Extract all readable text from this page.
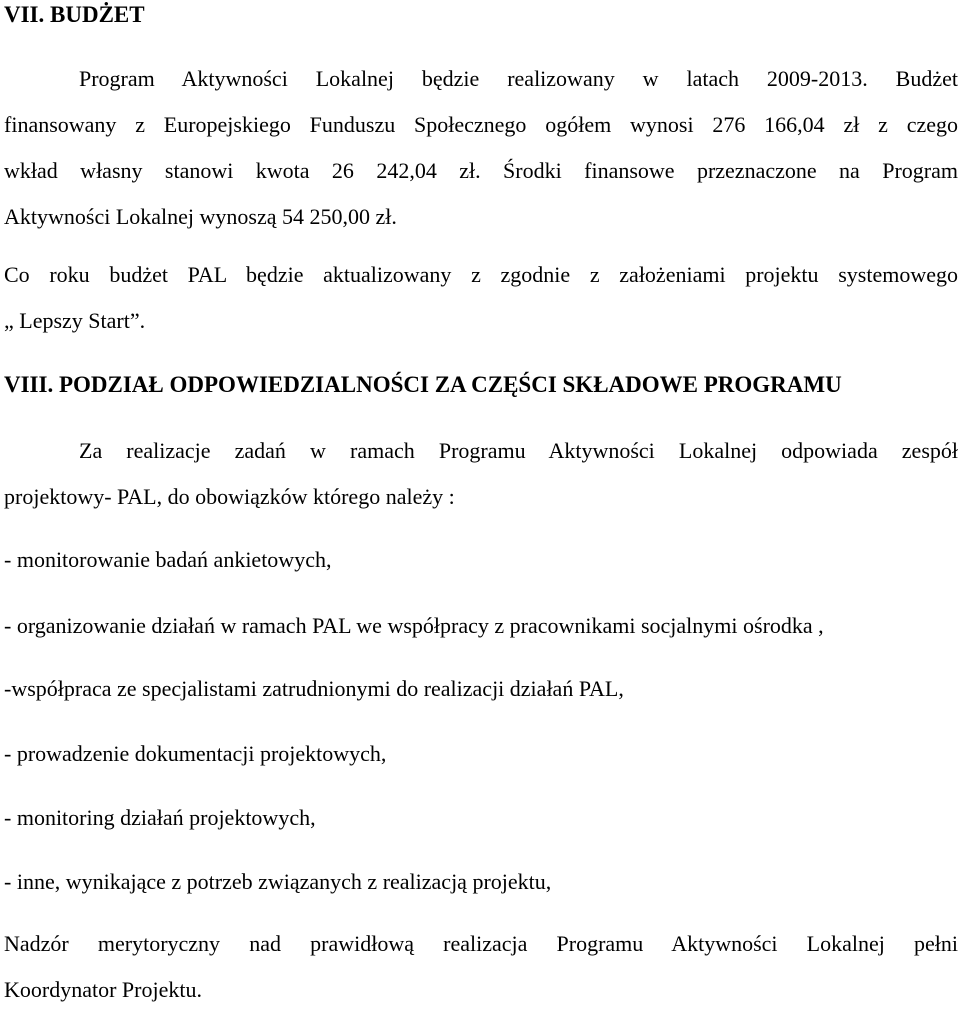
VII. BUDŻET

Program Aktywności Lokalnej będzie realizowany w latach 2009-2013. Budżet
finansowany z Europejskiego Funduszu Społecznego ogółem wynosi 276 166,04 zł z czego
wkład własny stanowi kwota 26 242,04 zł. Środki finansowe przeznaczone na Program
Aktywności Lokalnej wynoszą 54 250,00 zł.
Co roku budżet PAL będzie aktualizowany z zgodnie z założeniami projektu systemowego
„ Lepszy Start”.

VIII. PODZIAŁ ODPOWIEDZIALNOŚCI ZA CZĘŚCI SKŁADOWE PROGRAMU

Za realizacje zadań w ramach Programu Aktywności Lokalnej odpowiada zespół
projektowy- PAL, do obowiązków którego należy :

- monitorowanie badań ankietowych,

- organizowanie działań w ramach PAL we współpracy z pracownikami socjalnymi ośrodka ,

-współpraca ze specjalistami zatrudnionymi do realizacji działań PAL,

- prowadzenie dokumentacji projektowych,

- monitoring działań projektowych,

- inne, wynikające z potrzeb związanych z realizacją projektu,

Nadzór merytoryczny nad prawidłową realizacja Programu Aktywności Lokalnej pełni
Koordynator Projektu.
